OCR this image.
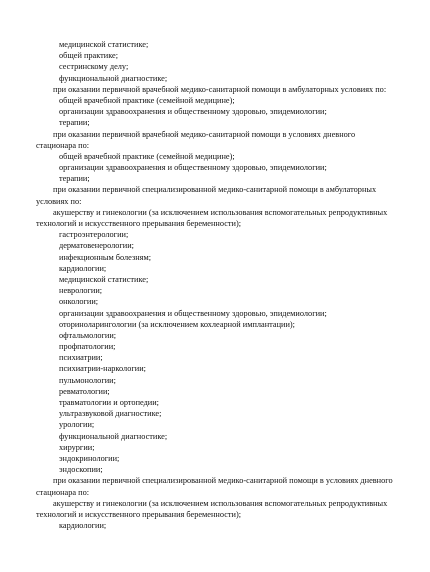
медицинской статистике;
общей практике;
сестринскому делу;
функциональной диагностике;
при оказании первичной врачебной медико-санитарной помощи в амбулаторных условиях по:
общей врачебной практике (семейной медицине);
организации здравоохранения и общественному здоровью, эпидемиологии;
терапии;
при оказании первичной врачебной медико-санитарной помощи в условиях дневного
стационара по:
общей врачебной практике (семейной медицине);
организации здравоохранения и общественному здоровью, эпидемиологии;
терапии;
при оказании первичной специализированной медико-санитарной помощи в амбулаторных
условиях по:
акушерству и гинекологии (за исключением использования вспомогательных репродуктивных
технологий и искусственного прерывания беременности);
гастроэнтерологии;
дерматовенерологии;
инфекционным болезням;
кардиологии;
медицинской статистике;
неврологии;
онкологии;
организации здравоохранения и общественному здоровью, эпидемиологии;
оториноларингологии (за исключением кохлеарной имплантации);
офтальмологии;
профпатологии;
психиатрии;
психиатрии-наркологии;
пульмонологии;
ревматологии;
травматологии и ортопедии;
ультразвуковой диагностике;
урологии;
функциональной диагностике;
хирургии;
эндокринологии;
эндоскопии;
при оказании первичной специализированной медико-санитарной помощи в условиях дневного
стационара по:
акушерству и гинекологии (за исключением использования вспомогательных репродуктивных
технологий и искусственного прерывания беременности);
кардиологии;
